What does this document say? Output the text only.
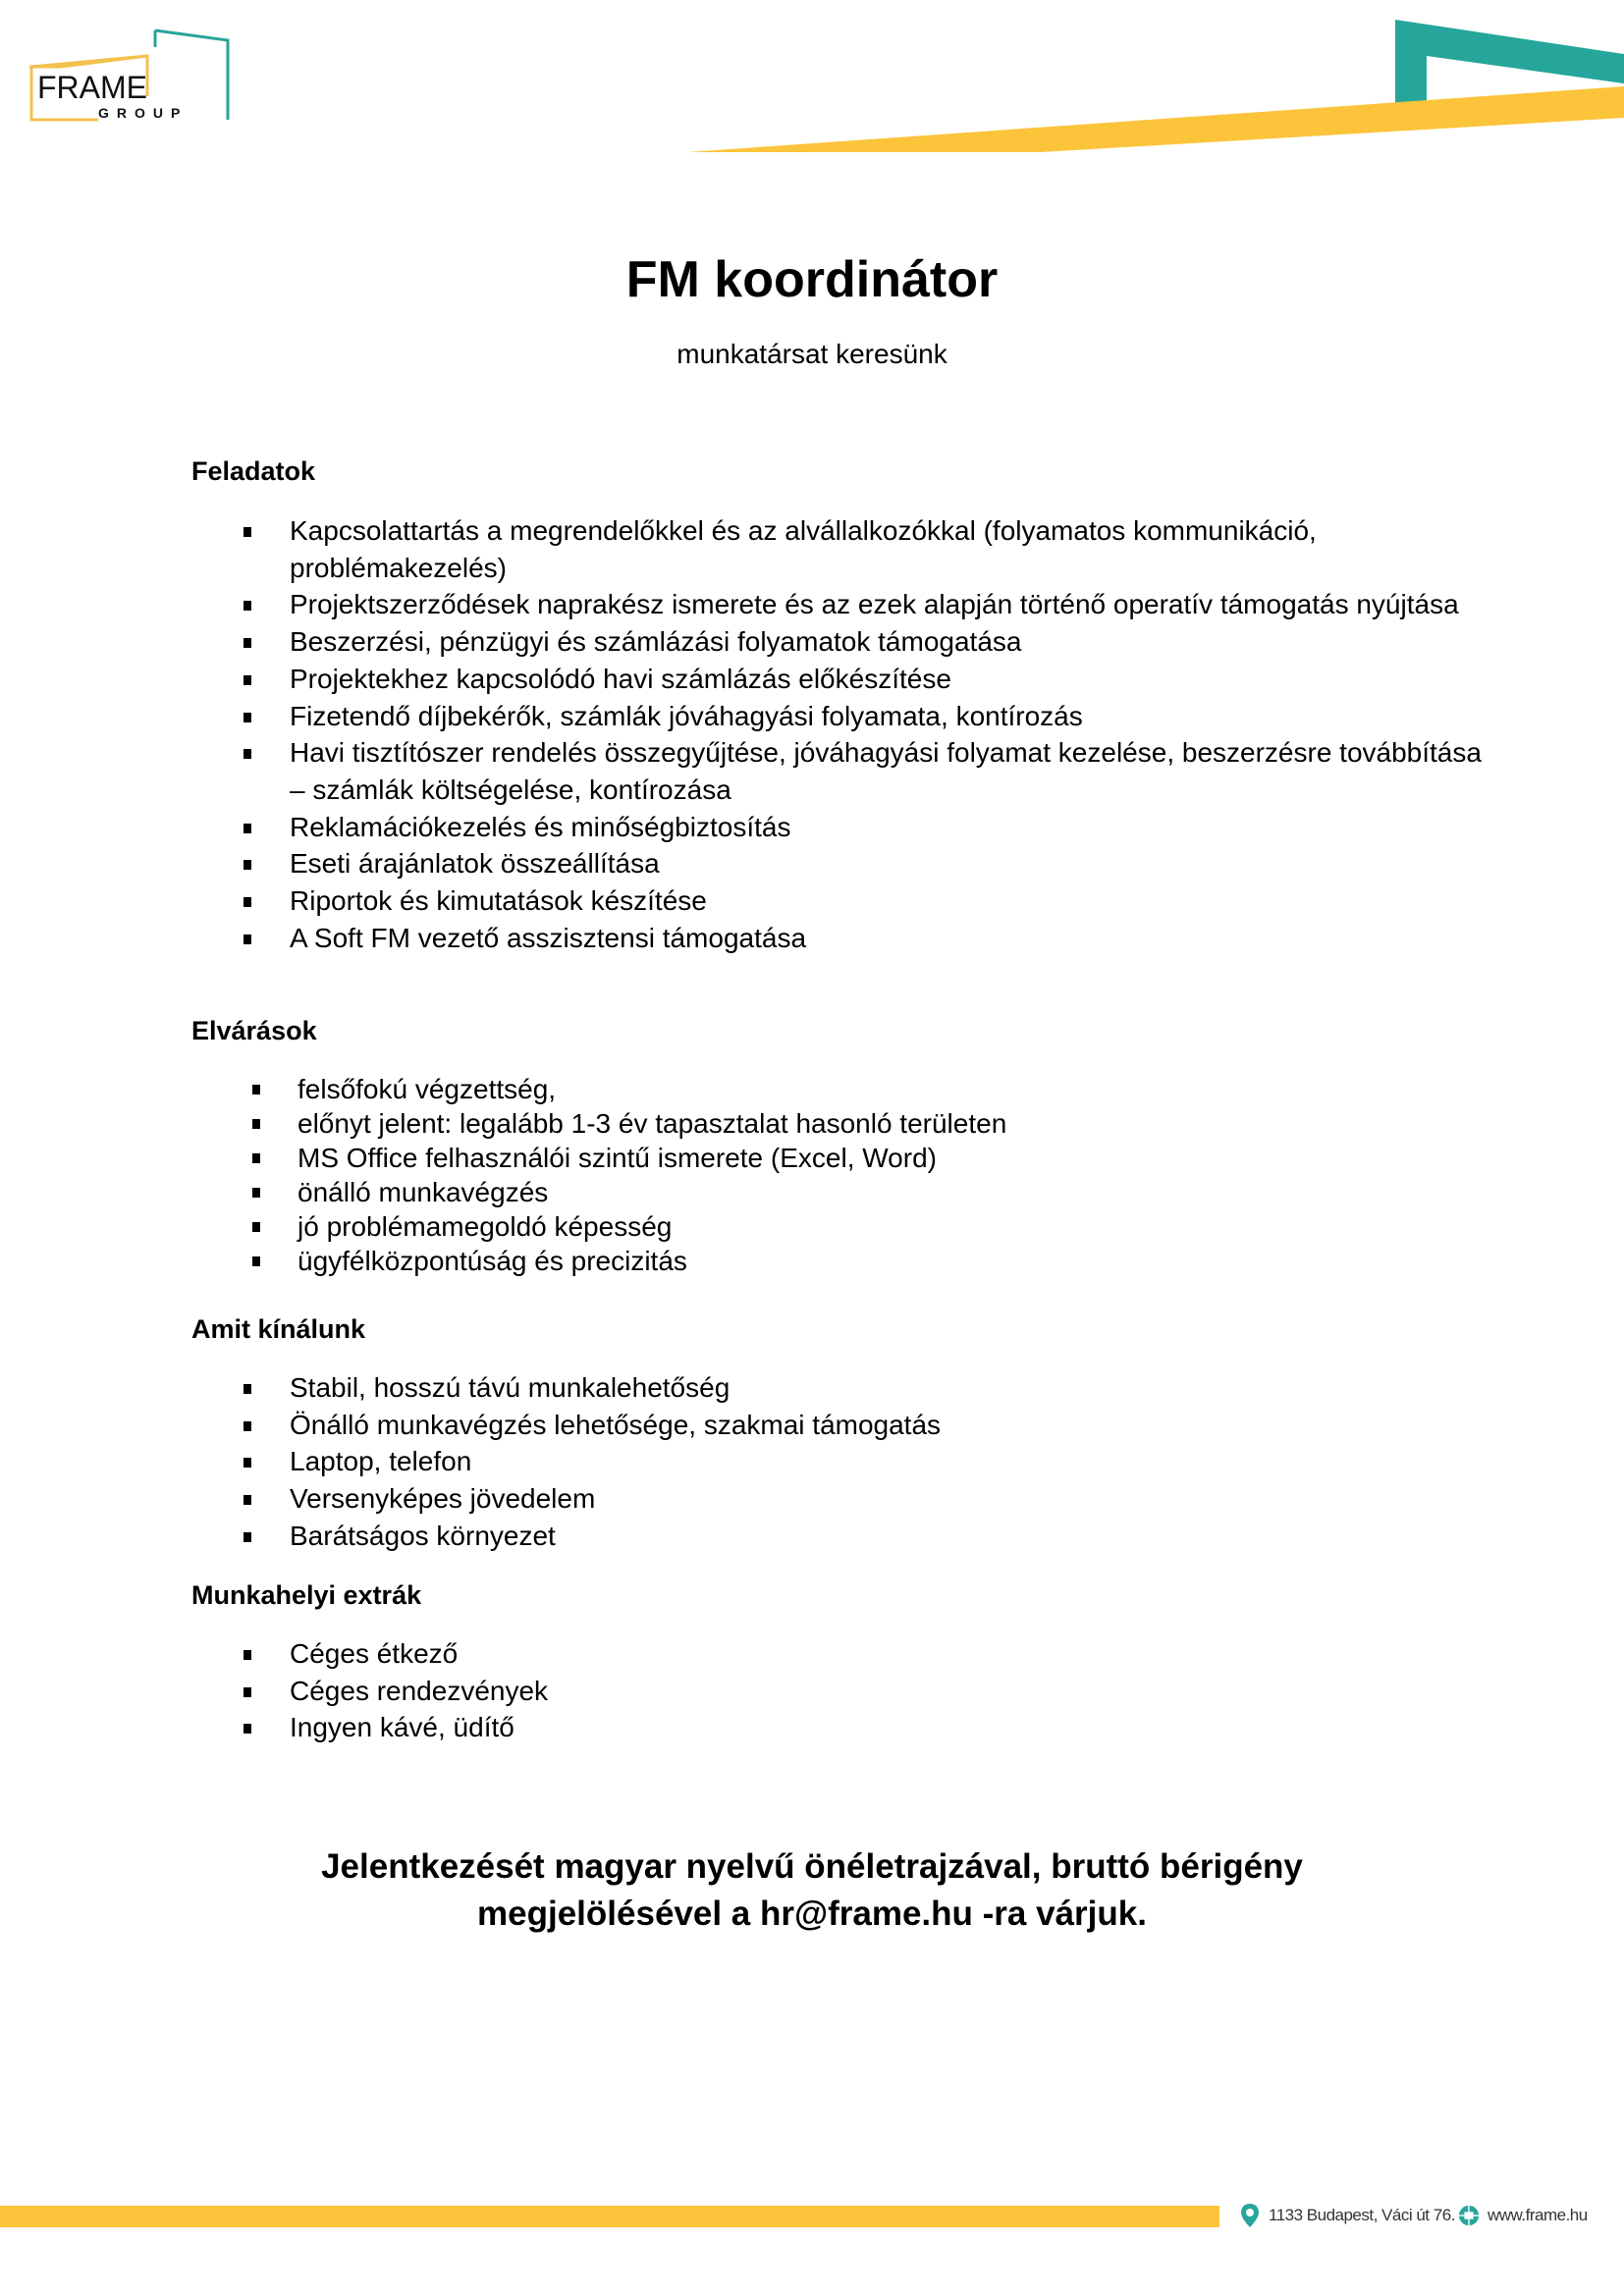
FRAME
GROUP
FM koordinátor
munkatársat keresünk
Feladatok
Kapcsolattartás a megrendelőkkel és az alvállalkozókkal (folyamatos kommunikáció, problémakezelés)
Projektszerződések naprakész ismerete és az ezek alapján történő operatív támogatás nyújtása
Beszerzési, pénzügyi és számlázási folyamatok támogatása
Projektekhez kapcsolódó havi számlázás előkészítése
Fizetendő díjbekérők, számlák jóváhagyási folyamata, kontírozás
Havi tisztítószer rendelés összegyűjtése, jóváhagyási folyamat kezelése, beszerzésre továbbítása – számlák költségelése, kontírozása
Reklamációkezelés és minőségbiztosítás
Eseti árajánlatok összeállítása
Riportok és kimutatások készítése
A Soft FM vezető asszisztensi támogatása
Elvárások
felsőfokú végzettség,
előnyt jelent: legalább 1-3 év tapasztalat hasonló területen
MS Office felhasználói szintű ismerete (Excel, Word)
önálló munkavégzés
jó problémamegoldó képesség
ügyfélközpontúság és precizitás
Amit kínálunk
Stabil, hosszú távú munkalehetőség
Önálló munkavégzés lehetősége, szakmai támogatás
Laptop, telefon
Versenyképes jövedelem
Barátságos környezet
Munkahelyi extrák
Céges étkező
Céges rendezvények
Ingyen kávé, üdítő
Jelentkezését magyar nyelvű önéletrajzával, bruttó bérigény
megjelölésével a hr@frame.hu -ra várjuk.
1133 Budapest, Váci út 76. www.frame.hu
